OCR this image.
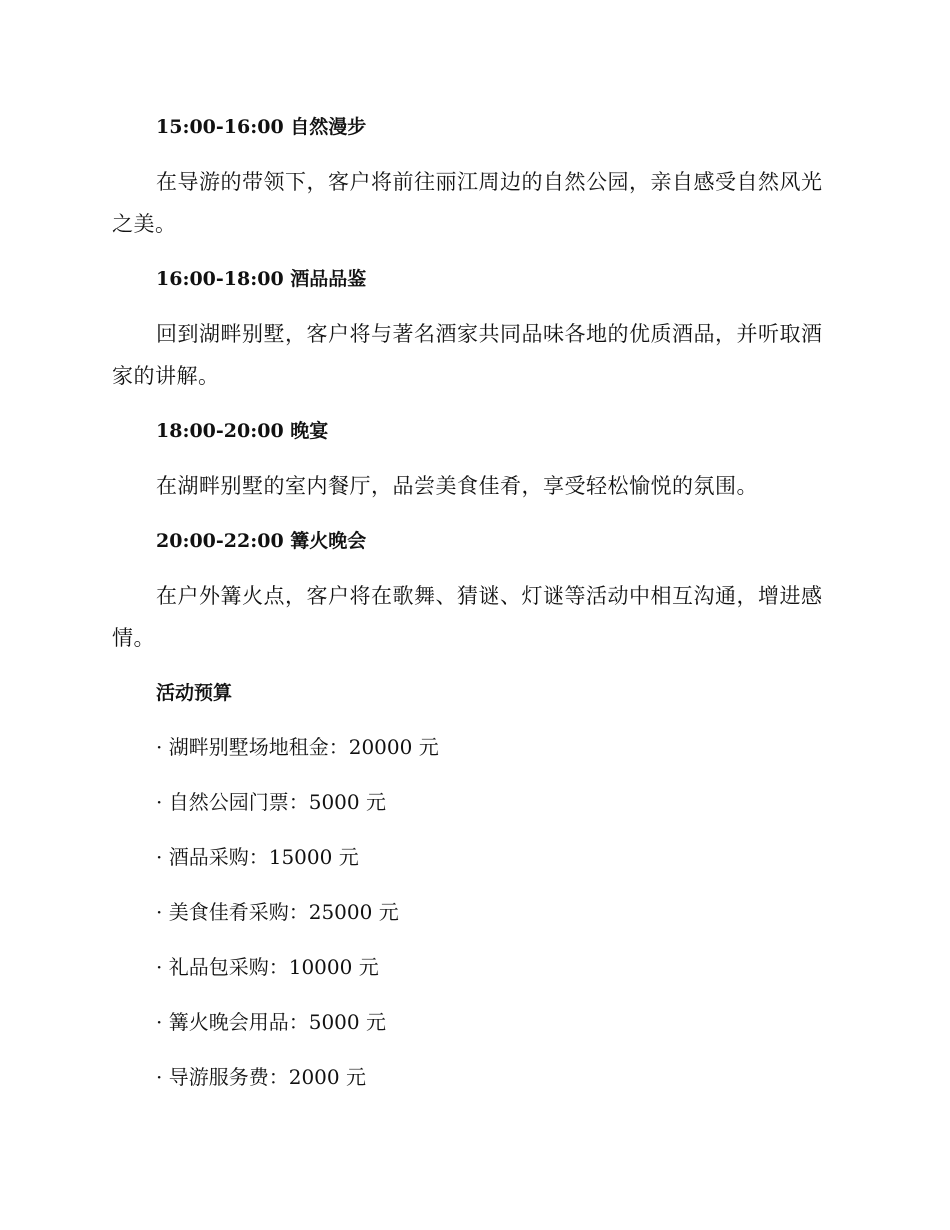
15:00-16:00 自然漫步
在导游的带领下，客户将前往丽江周边的自然公园，亲自感受自然风光之美。
16:00-18:00 酒品品鉴
回到湖畔别墅，客户将与著名酒家共同品味各地的优质酒品，并听取酒家的讲解。
18:00-20:00 晚宴
在湖畔别墅的室内餐厅，品尝美食佳肴，享受轻松愉悦的氛围。
20:00-22:00 篝火晚会
在户外篝火点，客户将在歌舞、猜谜、灯谜等活动中相互沟通，增进感情。
活动预算
· 湖畔别墅场地租金：20000 元
· 自然公园门票：5000 元
· 酒品采购：15000 元
· 美食佳肴采购：25000 元
· 礼品包采购：10000 元
· 篝火晚会用品：5000 元
· 导游服务费：2000 元
